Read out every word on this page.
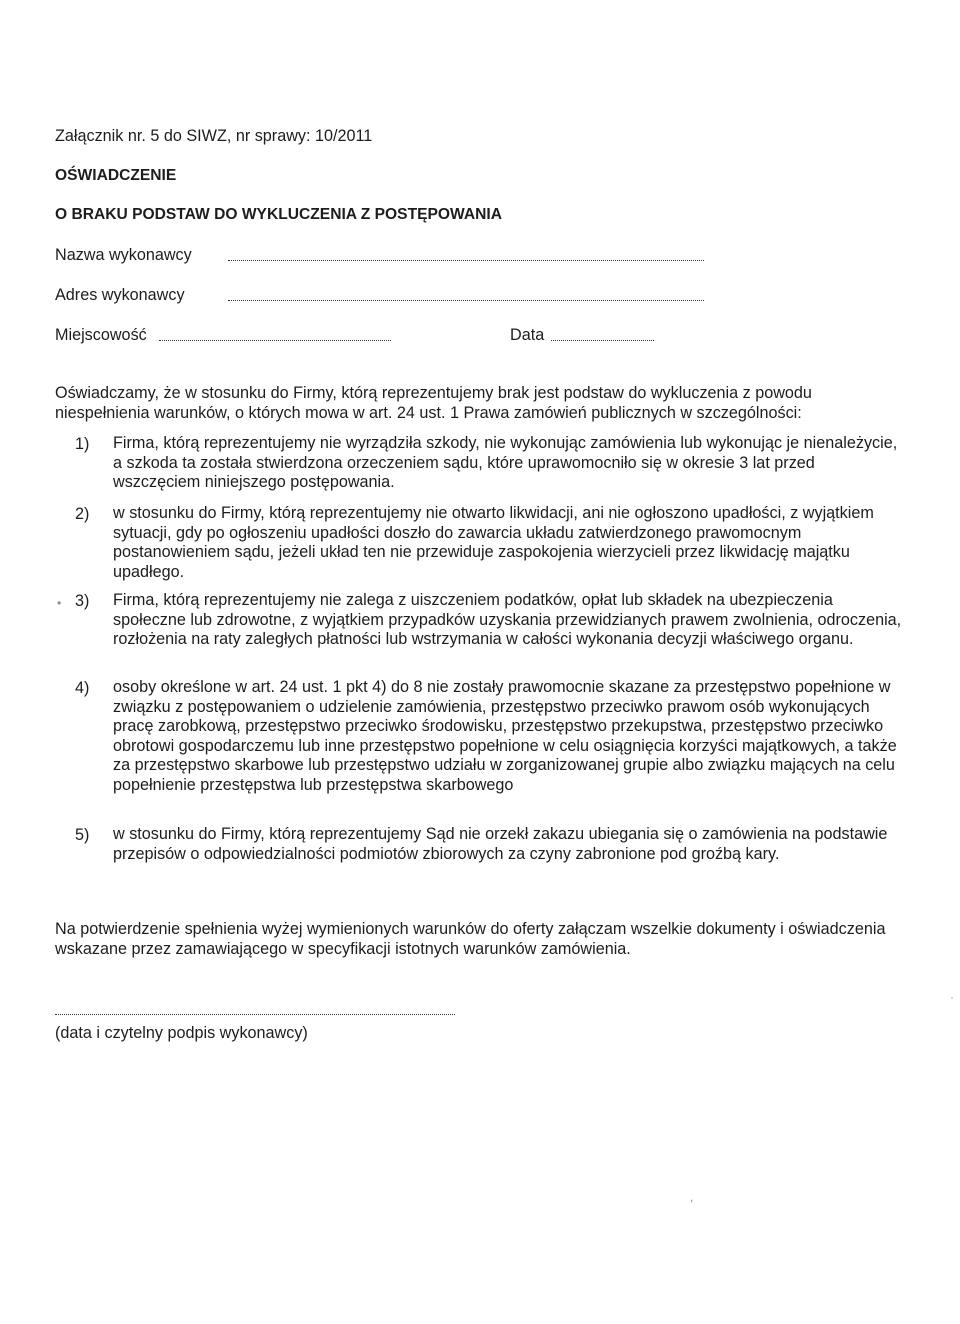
Załącznik nr. 5 do SIWZ, nr sprawy: 10/2011
OŚWIADCZENIE
O BRAKU PODSTAW DO WYKLUCZENIA Z POSTĘPOWANIA
Nazwa wykonawcy
Adres wykonawcy
Miejscowość	Data
Oświadczamy, że w stosunku do Firmy, którą reprezentujemy brak jest podstaw do wykluczenia z powodu niespełnienia warunków, o których mowa w art. 24 ust. 1 Prawa zamówień publicznych w szczególności:
1) Firma, którą reprezentujemy nie wyrządziła szkody, nie wykonując zamówienia lub wykonując je nienależycie, a szkoda ta została stwierdzona orzeczeniem sądu, które uprawomocniło się w okresie 3 lat przed wszczęciem niniejszego postępowania.
2) w stosunku do Firmy, którą reprezentujemy nie otwarto likwidacji, ani nie ogłoszono upadłości, z wyjątkiem sytuacji, gdy po ogłoszeniu upadłości doszło do zawarcia układu zatwierdzonego prawomocnym postanowieniem sądu, jeżeli układ ten nie przewiduje zaspokojenia wierzycieli przez likwidację majątku upadłego.
• 3) Firma, którą reprezentujemy nie zalega z uiszczeniem podatków, opłat lub składek na ubezpieczenia społeczne lub zdrowotne, z wyjątkiem przypadków uzyskania przewidzianych prawem zwolnienia, odroczenia, rozłożenia na raty zaległych płatności lub wstrzymania w całości wykonania decyzji właściwego organu.
4) osoby określone w art. 24 ust. 1 pkt 4) do 8 nie zostały prawomocnie skazane za przestępstwo popełnione w związku z postępowaniem o udzielenie zamówienia, przestępstwo przeciwko prawom osób wykonujących pracę zarobkową, przestępstwo przeciwko środowisku, przestępstwo przekupstwa, przestępstwo przeciwko obrotowi gospodarczemu lub inne przestępstwo popełnione w celu osiągnięcia korzyści majątkowych, a także za przestępstwo skarbowe lub przestępstwo udziału w zorganizowanej grupie albo związku mających na celu popełnienie przestępstwa lub przestępstwa skarbowego
5) w stosunku do Firmy, którą reprezentujemy Sąd nie orzekł zakazu ubiegania się o zamówienia na podstawie przepisów o odpowiedzialności podmiotów zbiorowych za czyny zabronione pod groźbą kary.
Na potwierdzenie spełnienia wyżej wymienionych warunków do oferty załączam wszelkie dokumenty i oświadczenia wskazane przez zamawiającego w specyfikacji istotnych warunków zamówienia.
(data i czytelny podpis wykonawcy)
,
·
